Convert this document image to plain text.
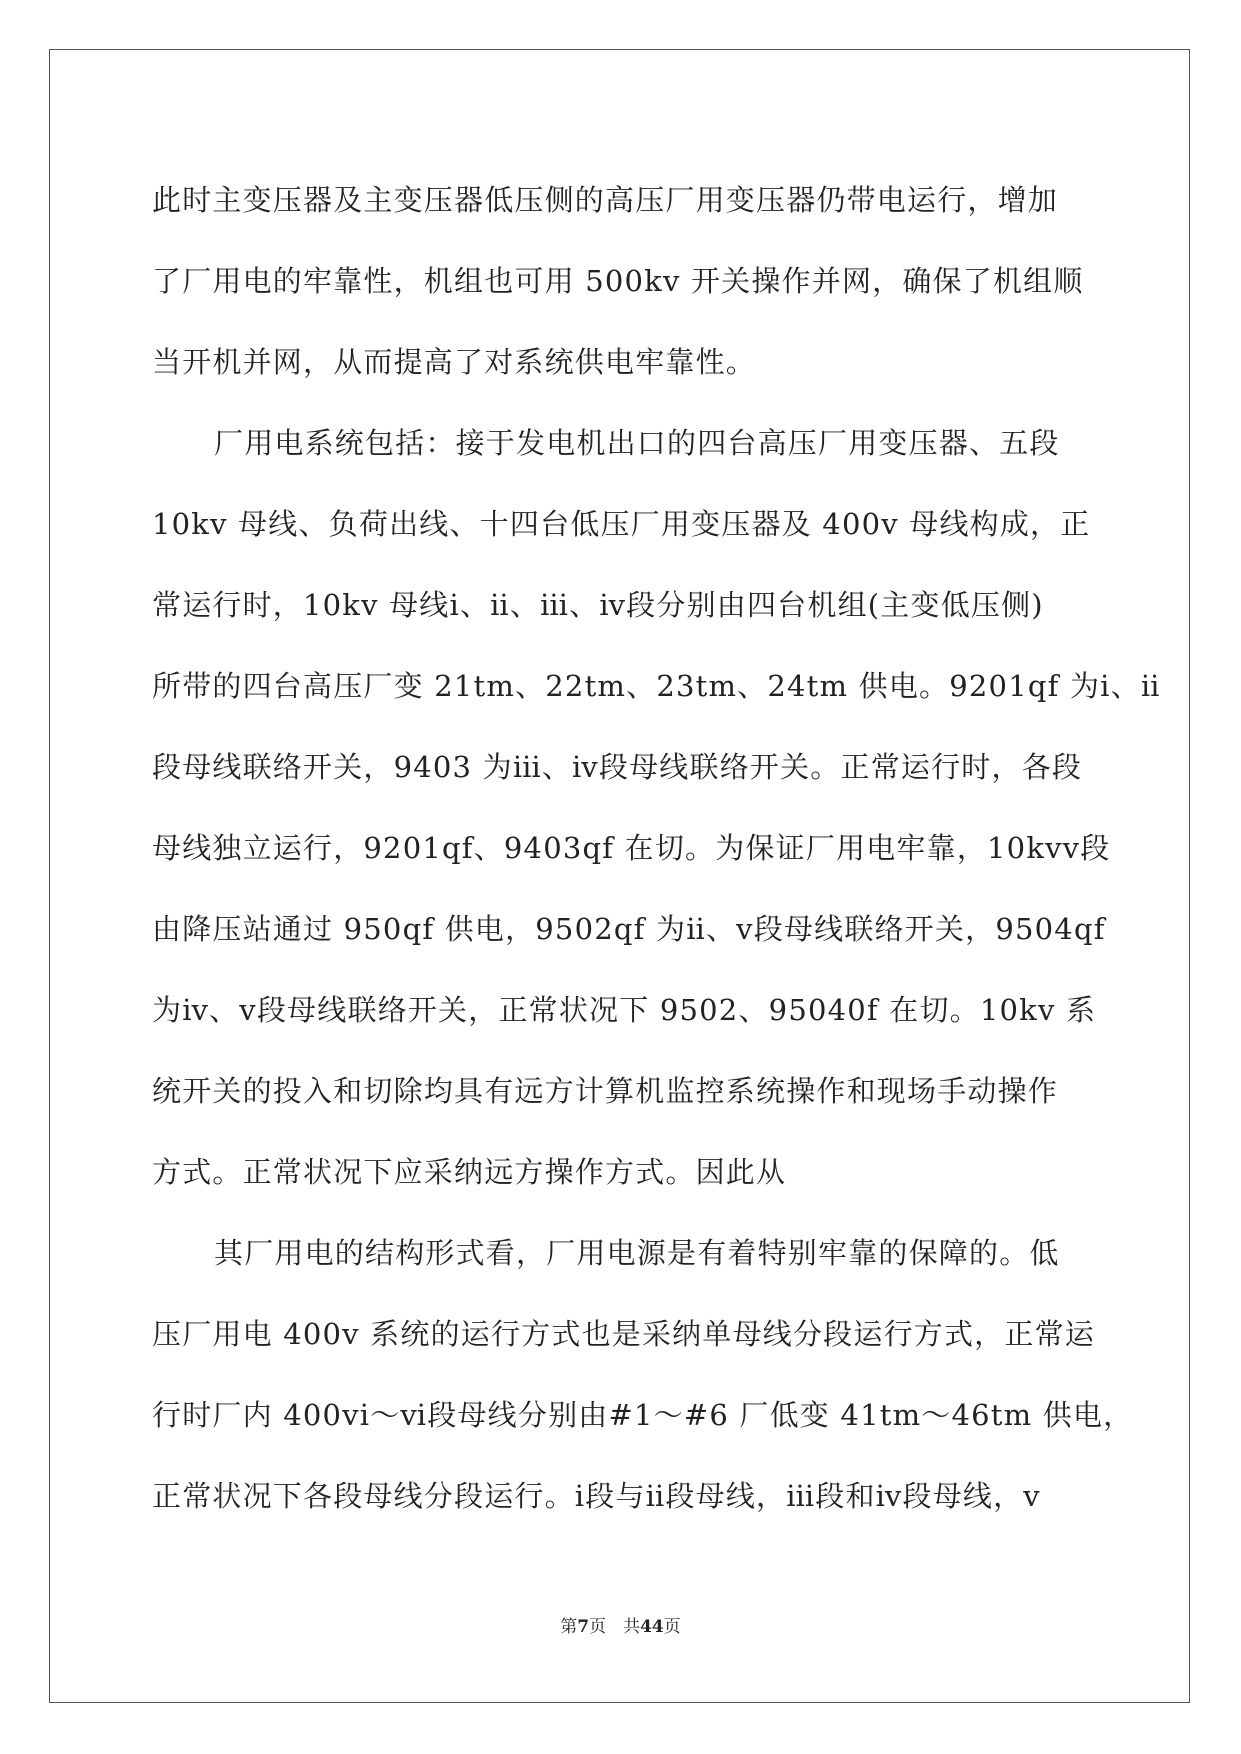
此时主变压器及主变压器低压侧的高压厂用变压器仍带电运行，增加
了厂用电的牢靠性，机组也可用 500kv 开关操作并网，确保了机组顺
当开机并网，从而提高了对系统供电牢靠性。
厂用电系统包括：接于发电机出口的四台高压厂用变压器、五段
10kv 母线、负荷出线、十四台低压厂用变压器及 400v 母线构成，正
常运行时，10kv 母线ⅰ、ⅱ、ⅲ、ⅳ段分别由四台机组(主变低压侧)
所带的四台高压厂变 21tm、22tm、23tm、24tm 供电。9201qf 为ⅰ、ⅱ
段母线联络开关，9403 为ⅲ、ⅳ段母线联络开关。正常运行时，各段
母线独立运行，9201qf、9403qf 在切。为保证厂用电牢靠，10kvⅴ段
由降压站通过 950qf 供电，9502qf 为ⅱ、ⅴ段母线联络开关，9504qf
为ⅳ、ⅴ段母线联络开关，正常状况下 9502、95040f 在切。10kv 系
统开关的投入和切除均具有远方计算机监控系统操作和现场手动操作
方式。正常状况下应采纳远方操作方式。因此从
其厂用电的结构形式看，厂用电源是有着特别牢靠的保障的。低
压厂用电 400v 系统的运行方式也是采纳单母线分段运行方式，正常运
行时厂内 400vⅰ～ⅵ段母线分别由#1～#6 厂低变 41tm～46tm 供电，
正常状况下各段母线分段运行。ⅰ段与ⅱ段母线，ⅲ段和ⅳ段母线，ⅴ
第7页　共44页
